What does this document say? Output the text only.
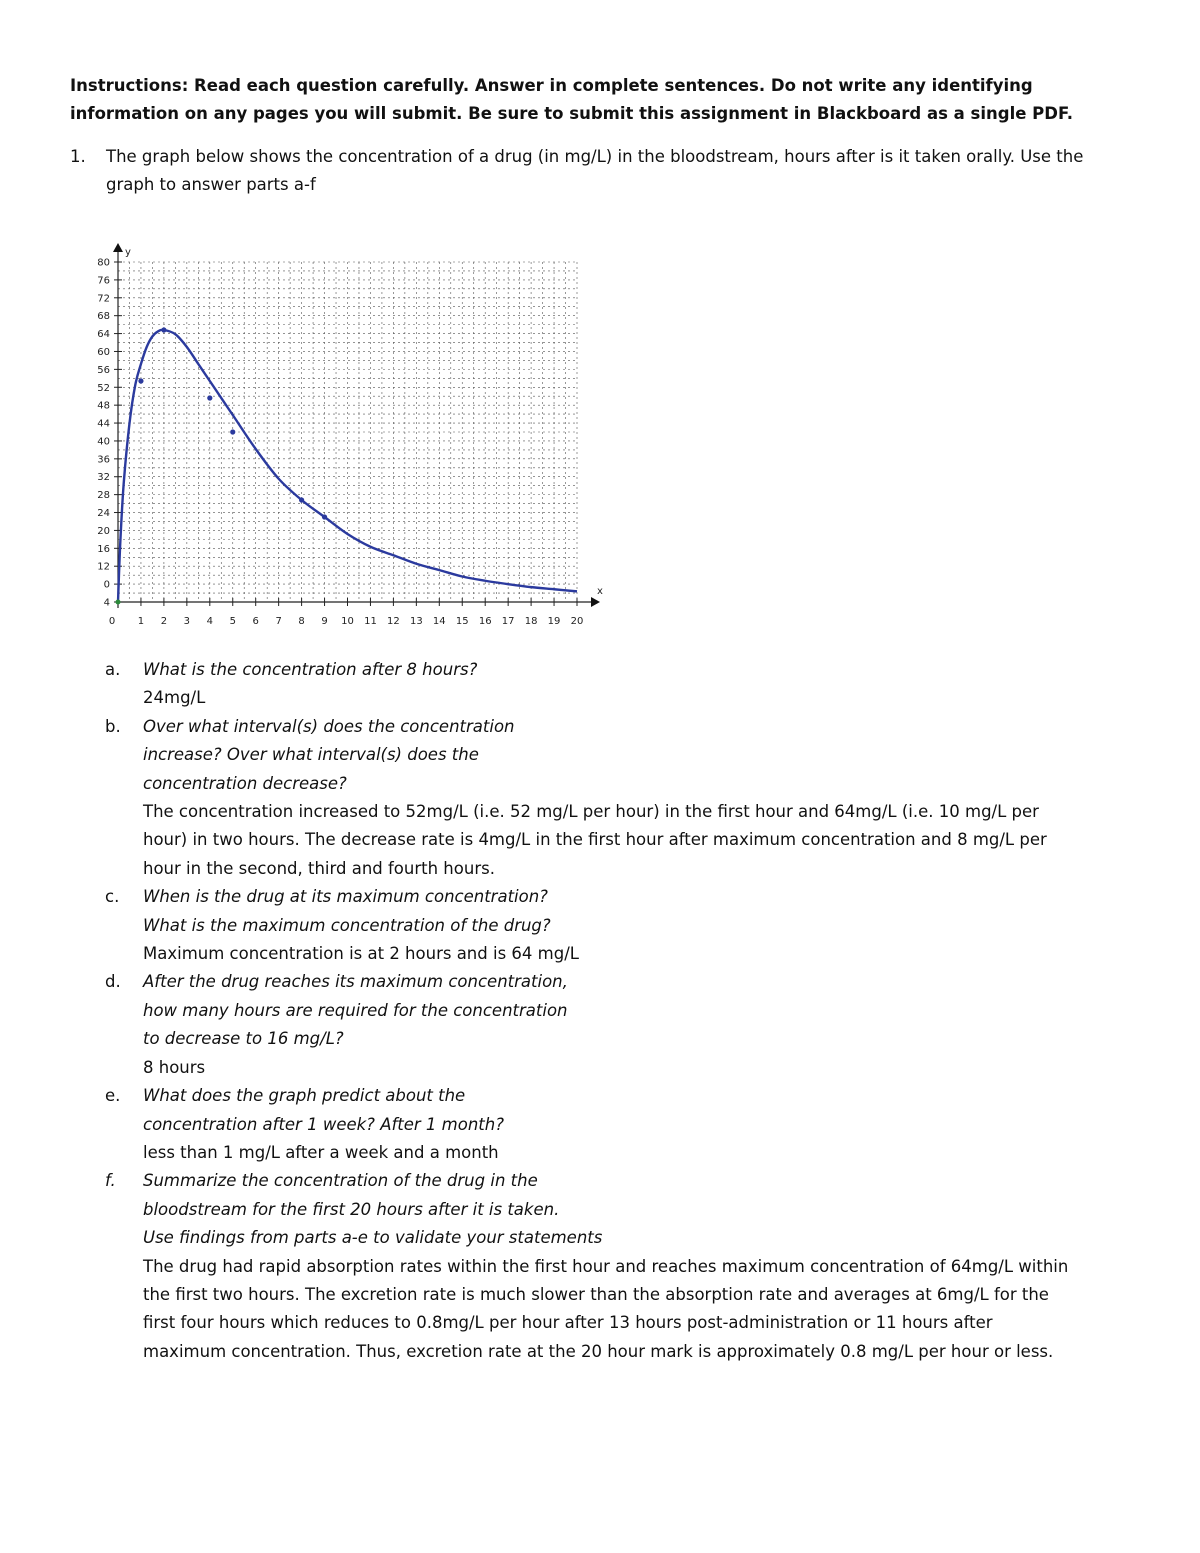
Instructions: Read each question carefully. Answer in complete sentences. Do not write any identifying information on any pages you will submit. Be sure to submit this assignment in Blackboard as a single PDF.

1. The graph below shows the concentration of a drug (in mg/L) in the bloodstream, hours after is it taken orally. Use the graph to answer parts a-f
y
x
4
0
12
16
20
24
28
32
36
40
44
48
52
56
60
64
68
72
76
80
0 1 2 3 4 5 6 7 8 9 10 11 12 13 14 15 16 17 18 19 20
a. What is the concentration after 8 hours?
24mg/L
b. Over what interval(s) does the concentration
increase? Over what interval(s) does the
concentration decrease?
The concentration increased to 52mg/L (i.e. 52 mg/L per hour) in the first hour and 64mg/L (i.e. 10 mg/L per
hour) in two hours. The decrease rate is 4mg/L in the first hour after maximum concentration and 8 mg/L per
hour in the second, third and fourth hours.
c. When is the drug at its maximum concentration?
What is the maximum concentration of the drug?
Maximum concentration is at 2 hours and is 64 mg/L
d. After the drug reaches its maximum concentration,
how many hours are required for the concentration
to decrease to 16 mg/L?
8 hours
e. What does the graph predict about the
concentration after 1 week? After 1 month?
less than 1 mg/L after a week and a month
f. Summarize the concentration of the drug in the
bloodstream for the first 20 hours after it is taken.
Use findings from parts a-e to validate your statements
The drug had rapid absorption rates within the first hour and reaches maximum concentration of 64mg/L within
the first two hours. The excretion rate is much slower than the absorption rate and averages at 6mg/L for the
first four hours which reduces to 0.8mg/L per hour after 13 hours post-administration or 11 hours after
maximum concentration. Thus, excretion rate at the 20 hour mark is approximately 0.8 mg/L per hour or less.
